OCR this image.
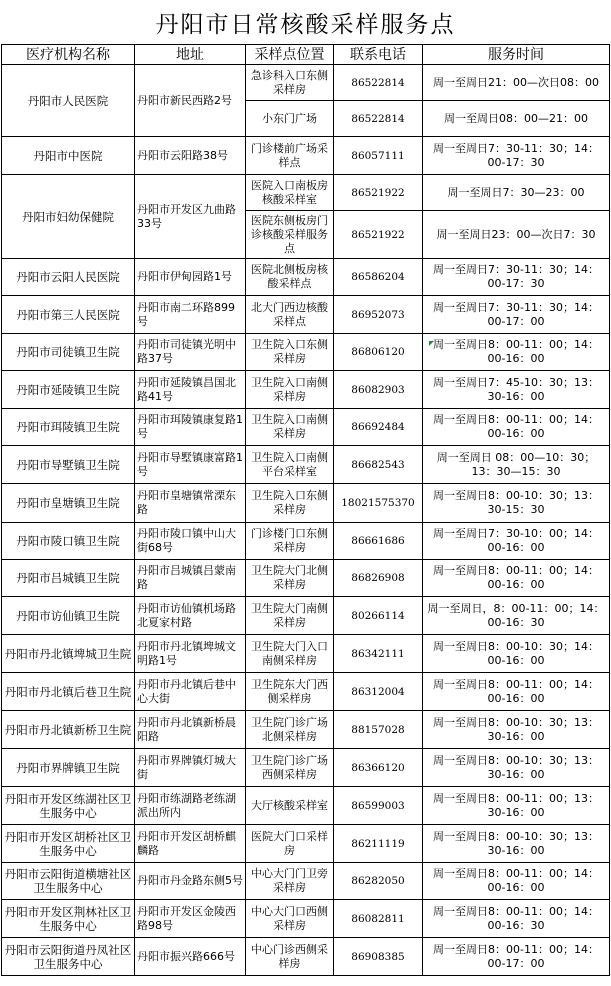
丹阳市日常核酸采样服务点
医疗机构名称	地址	采样点位置	联系电话	服务时间
丹阳市人民医院	丹阳市新民西路2号	急诊科入口东侧采样房	86522814	周一至周日21：00—次日08：00
		小东门广场	86522814	周一至周日08：00—21：00
丹阳市中医院	丹阳市云阳路38号	门诊楼前广场采样点	86057111	周一至周日7：30-11：30；14：00-17：30
丹阳市妇幼保健院	丹阳市开发区九曲路33号	医院入口南板房核酸采样室	86521922	周一至周日7：30—23：00
		医院东侧板房门诊核酸采样服务点	86521922	周一至周日23：00—次日7：30
丹阳市云阳人民医院	丹阳市伊甸园路1号	医院北侧板房核酸采样点	86586204	周一至周日7：30-11：30；14：00-17：30
丹阳市第三人民医院	丹阳市南二环路899号	北大门西边核酸采样点	86952073	周一至周日7：30-11：30；14：00-17：00
丹阳市司徒镇卫生院	丹阳市司徒镇光明中路37号	卫生院入口东侧采样房	86806120	周一至周日8：00-11：00；14：00-16：00
丹阳市延陵镇卫生院	丹阳市延陵镇昌国北路41号	卫生院入口南侧采样房	86082903	周一至周日7：45-10：30；13：30-16：00
丹阳市珥陵镇卫生院	丹阳市珥陵镇康复路1号	卫生院入口南侧采样房	86692484	周一至周日8：00-11：00；14：00-16：00
丹阳市导墅镇卫生院	丹阳市导墅镇康富路1号	卫生院入口南侧平台采样室	86682543	周一至周日 08：00—10：30；13：30—15：30
丹阳市皇塘镇卫生院	丹阳市皇塘镇常溧东路	卫生院入口东侧采样房	18021575370	周一至周日8：00-10：30；13：30-15：30
丹阳市陵口镇卫生院	丹阳市陵口镇中山大街68号	门诊楼门口东侧采样房	86661686	周一至周日7：30-10：00；14：00-16：00
丹阳市吕城镇卫生院	丹阳市吕城镇吕蒙南路	卫生院大门北侧采样房	86826908	周一至周日8：00-11：00；14：00-16：00
丹阳市访仙镇卫生院	丹阳市访仙镇机场路北夏家村路	卫生院大门南侧采样房	80266114	周一至周日，8：00-11：00；14：00-16：30
丹阳市丹北镇埤城卫生院	丹阳市丹北镇埤城文明路1号	卫生院大门入口南侧采样房	86342111	周一至周日8：00-10：30；14：00-16：00
丹阳市丹北镇后巷卫生院	丹阳市丹北镇后巷中心大街	卫生院东大门西侧采样房	86312004	周一至周日8：00-11：00；14：00-16：00
丹阳市丹北镇新桥卫生院	丹阳市丹北镇新桥晨阳路	卫生院门诊广场北侧采样房	88157028	周一至周日8：00-10：30；13：30-16：00
丹阳市界牌镇卫生院	丹阳市界牌镇灯城大街	卫生院门诊广场西侧采样房	86366120	周一至周日8：00-10：30；13：30-16：00
丹阳市开发区练湖社区卫生服务中心	丹阳市练湖路老练湖派出所内	大厅核酸采样室	86599003	周一至周日8：00-11：00；13：30-16：00
丹阳市开发区胡桥社区卫生服务中心	丹阳市开发区胡桥麒麟路	医院大门口采样房	86211119	周一至周日8：00-10：30；13：30-16：00
丹阳市云阳街道横塘社区卫生服务中心	丹阳市丹金路东侧5号	中心大门门卫旁采样房	86282050	周一至周日8：00-11：00；14：00-16：00
丹阳市开发区荆林社区卫生服务中心	丹阳市开发区金陵西路98号	中心大门口西侧采样房	86082811	周一至周日8：00-11：00；14：00-16：30
丹阳市云阳街道丹凤社区卫生服务中心	丹阳市振兴路666号	中心门诊西侧采样房	86908385	周一至周日8：00-11：00；14：00-17：00
